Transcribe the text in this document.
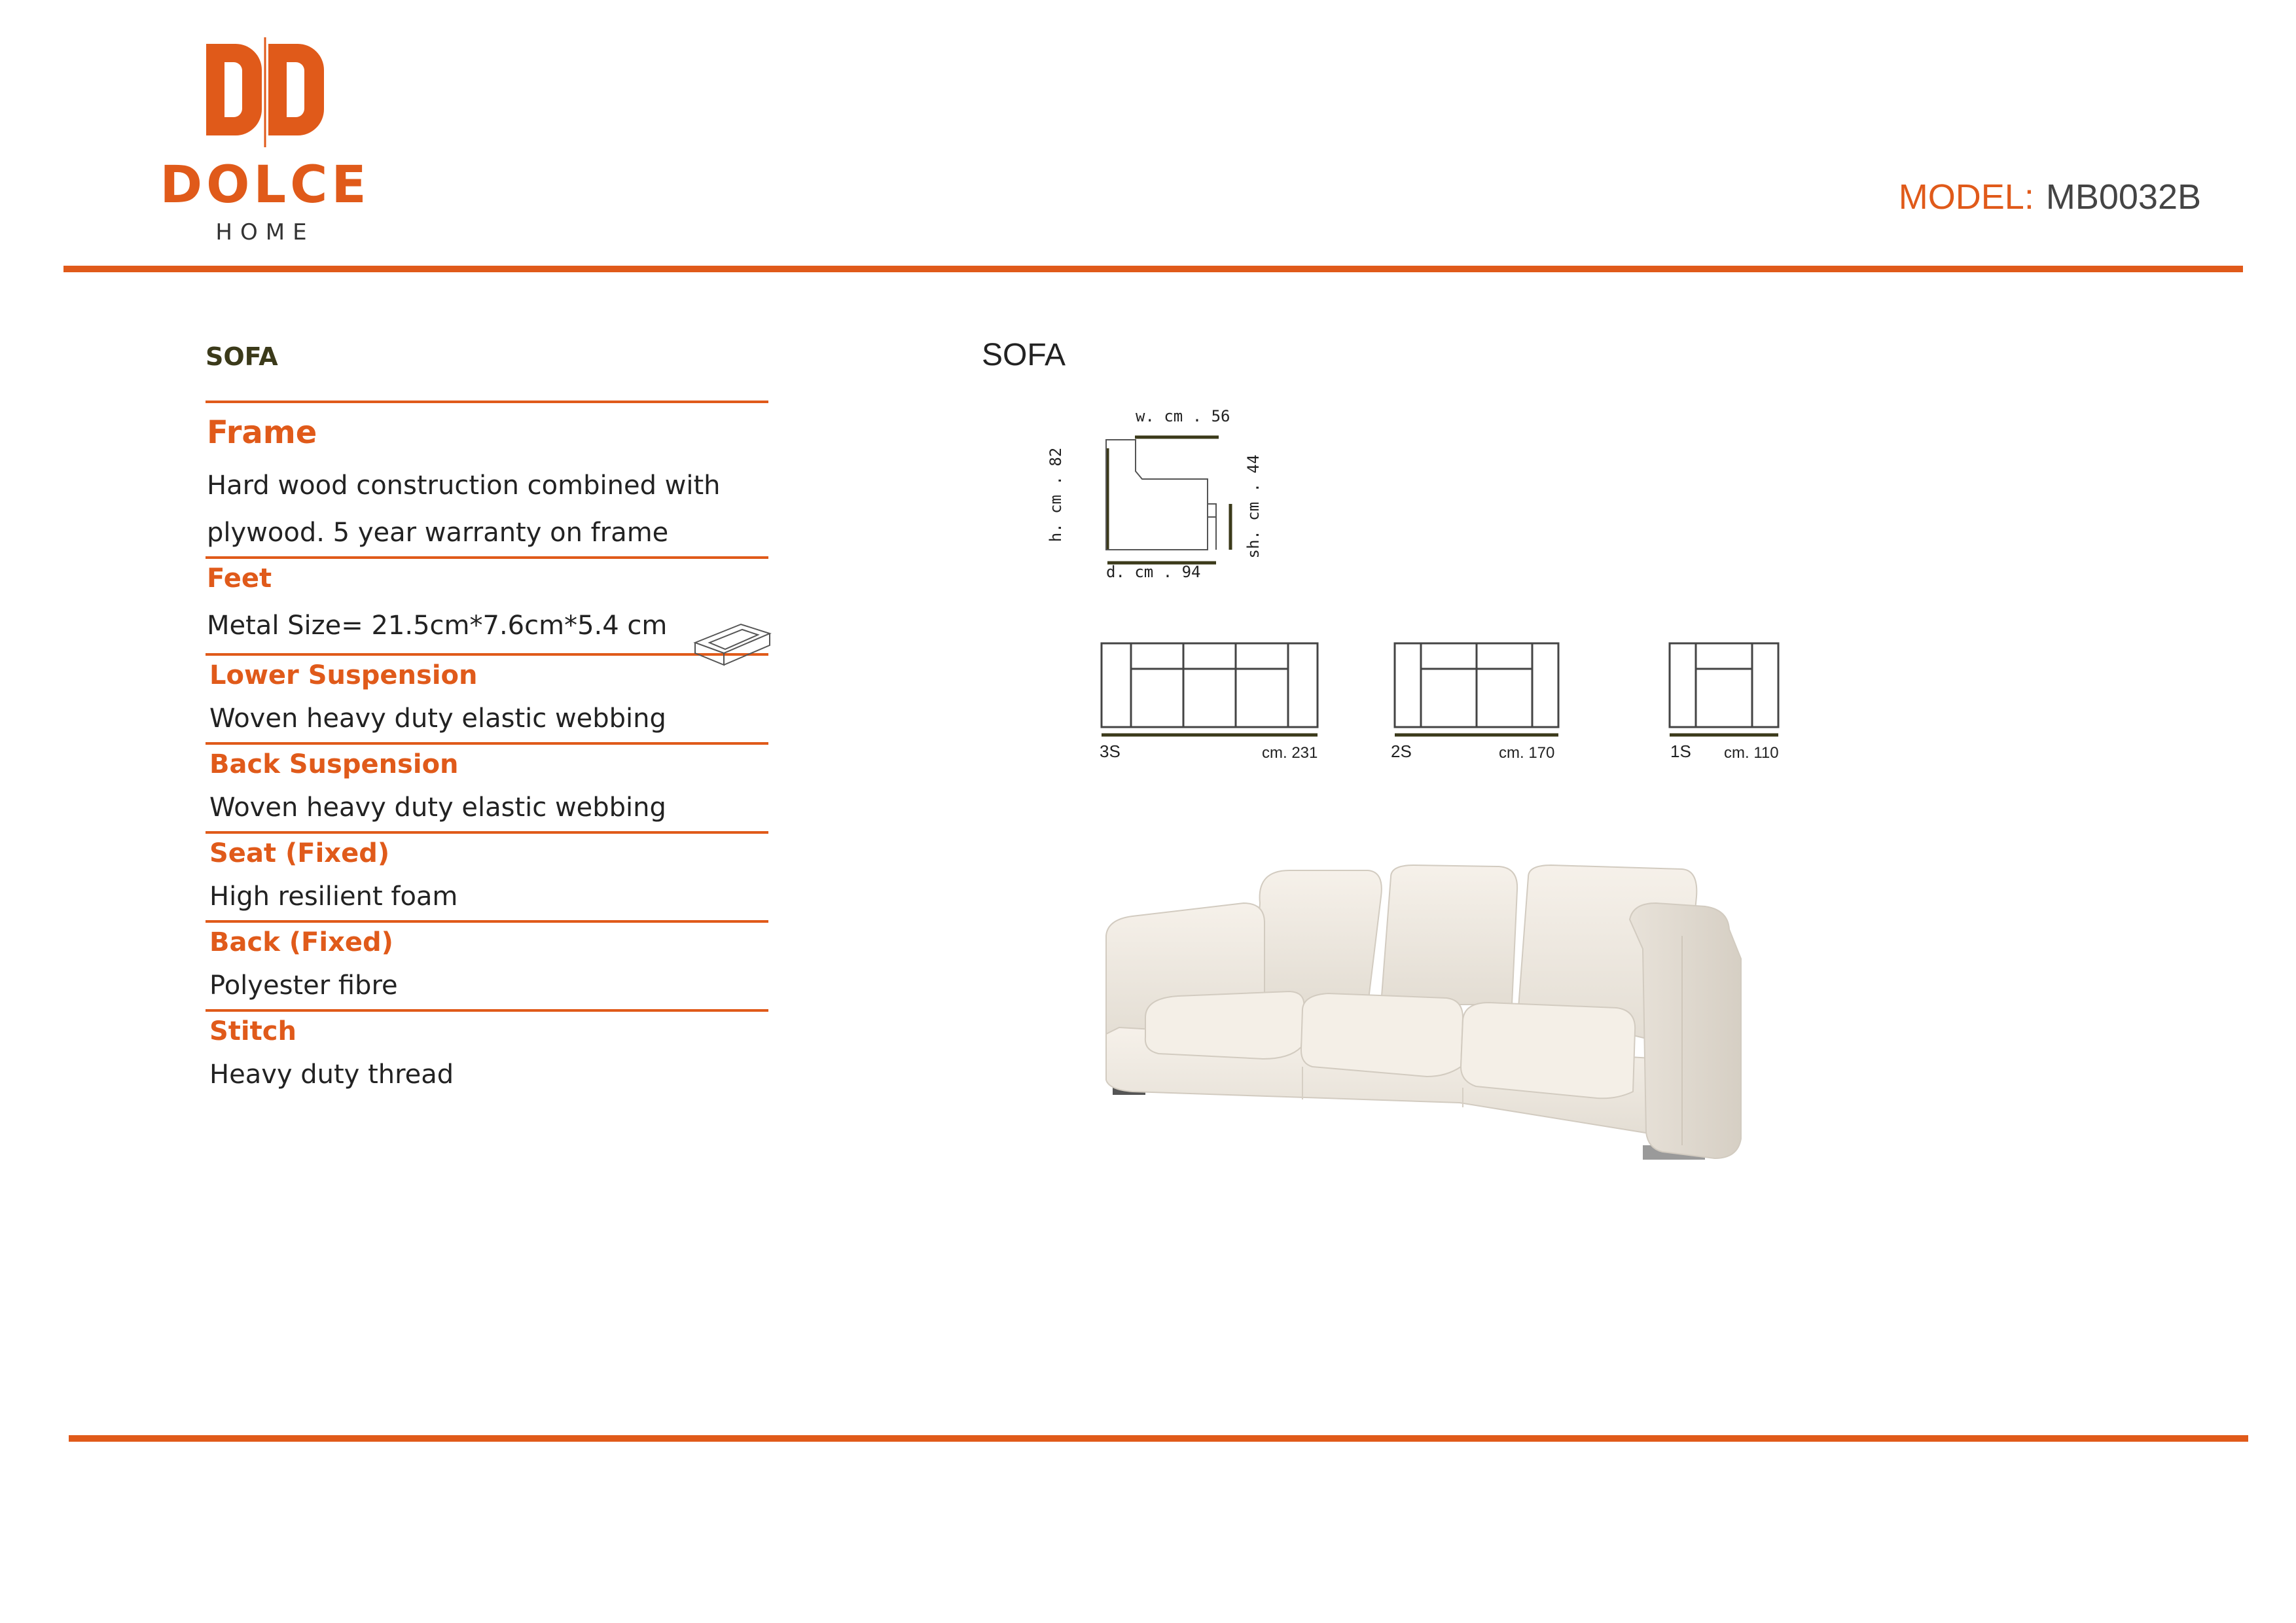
DOLCE
HOME
MODEL: MB0032B
SOFA
Frame
Hard wood construction combined with
plywood. 5 year warranty on frame
Feet
Metal Size= 21.5cm*7.6cm*5.4 cm
Lower Suspension
Woven heavy duty elastic webbing
Back Suspension
Woven heavy duty elastic webbing
Seat (Fixed)
High resilient foam
Back (Fixed)
Polyester fibre
Stitch
Heavy duty thread
SOFA
w. cm . 56
d. cm . 94
h. cm . 82	sh. cm . 44
3S	cm. 231	2S	cm. 170	1S cm. 110
